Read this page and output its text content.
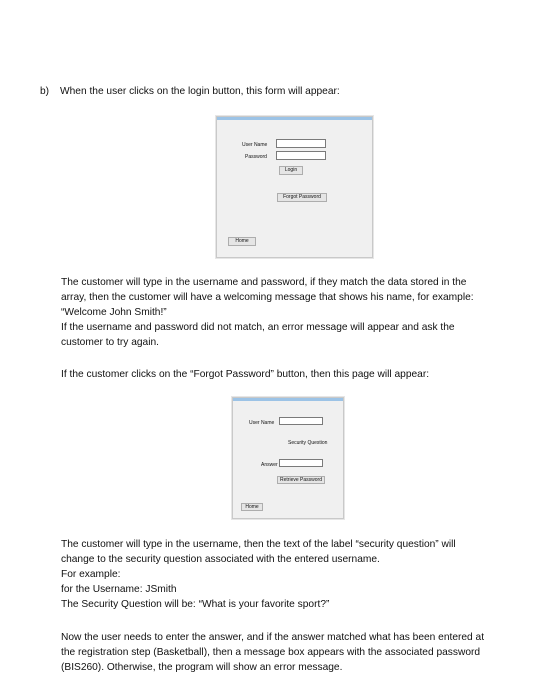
b) When the user clicks on the login button, this form will appear:
User Name
Password
Login
Forgot Password
Home
The customer will type in the username and password, if they match the data stored in the
array, then the customer will have a welcoming message that shows his name, for example:
“Welcome John Smith!”
If the username and password did not match, an error message will appear and ask the
customer to try again.
If the customer clicks on the “Forgot Password” button, then this page will appear:
User Name
Security Question
Answer
Retrieve Password
Home
The customer will type in the username, then the text of the label “security question” will
change to the security question associated with the entered username.
For example:
for the Username: JSmith
The Security Question will be: “What is your favorite sport?”
Now the user needs to enter the answer, and if the answer matched what has been entered at
the registration step (Basketball), then a message box appears with the associated password
(BIS260). Otherwise, the program will show an error message.
